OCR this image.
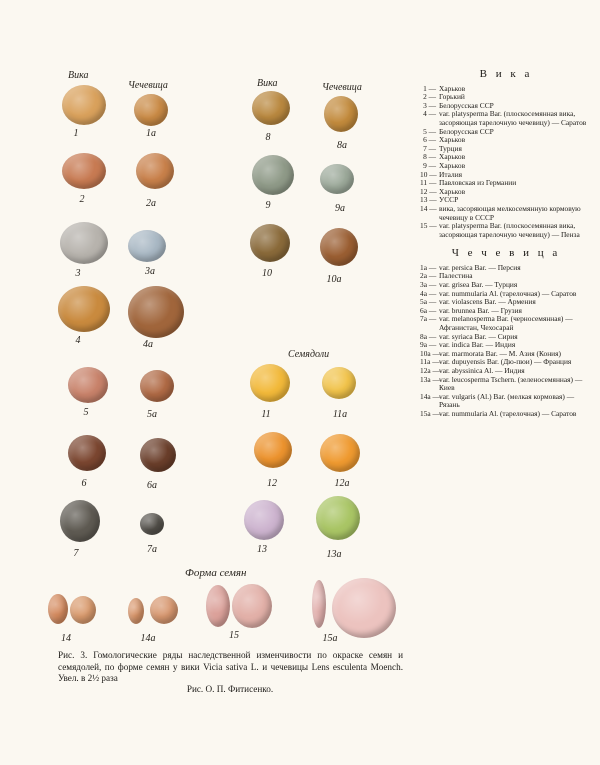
Вика
Чечевица	Вика	Чечевица
Семядоли
Форма семян
1	1а
2	2а
3	3а
4	4а
5	5а
6	6а
7	7а
8
8а
9	9а
10
10а
11	11а
12	12а
13	13а
14	14а	15	15а
В и к а
1 — Харьков
2 — Горький
3 — Белорусская ССР
4 — var. platysperma Bar. (плоскосемянная вика, засоряющая тарелочную чечевицу) — Саратов
5 — Белорусская ССР
6 — Харьков
7 — Турция
8 — Харьков
9 — Харьков
10 — Италия
11 — Павловская из Германии
12 — Харьков
13 — УССР
14 — вика, засоряющая мелкосемянную кормовую чечевицу в СССР
15 — var. platysperma Bar. (плоскосемянная вика, засоряющая тарелочную чечевицу) — Пенза
Ч е ч е в и ц а
1а — var. persica Bar. — Персия
2а — Палестина
3а — var. grisea Bar. — Турция
4а — var. nummularia Al. (тарелочная) — Саратов
5а — var. violascens Bar. — Армения
6а — var. brunnea Bar. — Грузия
7а — var. melanosperma Bar. (черносемянная) — Афганистан, Чехосарай
8а — var. syriaca Bar. — Сирия
9а — var. indica Bar. — Индия
10а — var. marmorata Bar. — М. Азия (Кония)
11а — var. dupuyensis Bar. (Дю-пюи) — Франция
12а — var. abyssinica Al. — Индия
13а — var. leucosperma Tschern. (зеленосемянная) — Киев
14а — var. vulgaris (Al.) Bar. (мелкая кормовая) — Рязань
15а — var. nummularia Al. (тарелочная) — Саратов
Рис. 3. Гомологические ряды наследственной изменчивости по окраске семян и семядолей, по форме семян у вики Vicia sativa L. и чечевицы Lens esculenta Moench. Увел. в 2½ раза
Рис. О. П. Фитисенко.
